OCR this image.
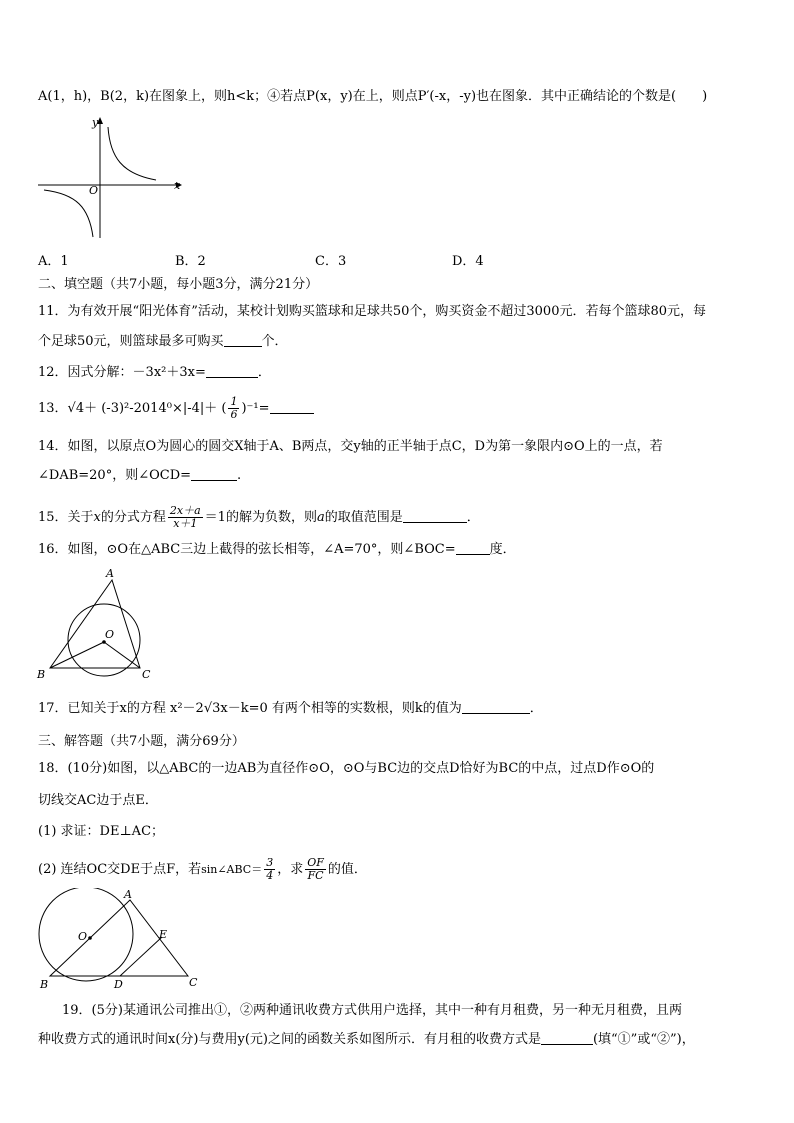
A(1，h)，B(2，k)在图象上，则h<k；④若点P(x，y)在上，则点P′(-x，-y)也在图象．其中正确结论的个数是(　　)
y
x
O
A．1	B．2	C．3	D．4
二、填空题（共7小题，每小题3分，满分21分）
11．为有效开展“阳光体育”活动，某校计划购买篮球和足球共50个，购买资金不超过3000元．若每个篮球80元，每
个足球50元，则篮球最多可购买	个．
12．因式分解：－3x²＋3x=	．
13．√4＋ (-3)²-2014⁰×|-4|＋ ( $\frac{1}{6} )^{-1}=$
14．如图，以原点O为圆心的圆交X轴于A、B两点，交y轴的正半轴于点C，D为第一象限内⊙O上的一点，若
∠DAB=20°，则∠OCD=	.
15．关于x的分式方程 $\frac{2x+a}{x+1} =1$的解为负数，则a的取值范围是	．
16．如图，⊙O在△ABC三边上截得的弦长相等，∠A=70°，则∠BOC=	度．
A
B	C
O
17．已知关于x的方程 x²－2√3x－k=0 有两个相等的实数根，则k的值为	．
三、解答题（共7小题，满分69分）
18．(10分)如图，以△ABC的一边AB为直径作⊙O，⊙O与BC边的交点D恰好为BC的中点，过点D作⊙O的
切线交AC边于点E．
(1) 求证：DE⊥AC；
(2) 连结OC交DE于点F，若sin∠ABC＝ $\frac{3}{4}$ ，求 $\frac{OF}{FC}$ 的值．
A
B	C
D
E
O
19．(5分)某通讯公司推出①，②两种通讯收费方式供用户选择，其中一种有月租费，另一种无月租费，且两
种收费方式的通讯时间x(分)与费用y(元)之间的函数关系如图所示．有月租的收费方式是	(填“①”或“②”)，
